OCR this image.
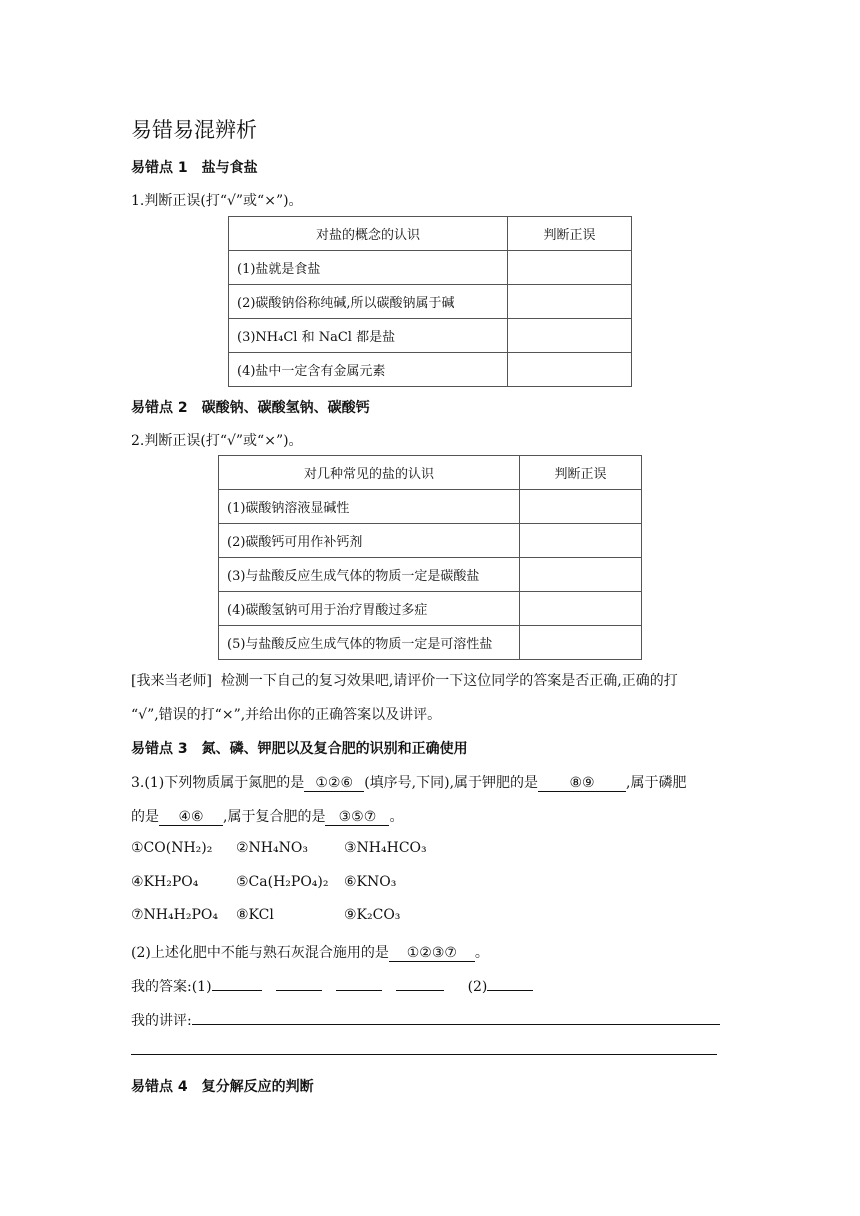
易错易混辨析
易错点 1　盐与食盐
1.判断正误(打“√”或“×”)。
对盐的概念的认识	判断正误
(1)盐就是食盐	
(2)碳酸钠俗称纯碱,所以碳酸钠属于碱	
(3)NH₄Cl 和 NaCl 都是盐	
(4)盐中一定含有金属元素	
易错点 2　碳酸钠、碳酸氢钠、碳酸钙
2.判断正误(打“√”或“×”)。
对几种常见的盐的认识	判断正误
(1)碳酸钠溶液显碱性	
(2)碳酸钙可用作补钙剂	
(3)与盐酸反应生成气体的物质一定是碳酸盐	
(4)碳酸氢钠可用于治疗胃酸过多症	
(5)与盐酸反应生成气体的物质一定是可溶性盐	
[我来当老师]  检测一下自己的复习效果吧,请评价一下这位同学的答案是否正确,正确的打
“√”,错误的打“×”,并给出你的正确答案以及讲评。
易错点 3　氮、磷、钾肥以及复合肥的识别和正确使用
3.(1)下列物质属于氮肥的是 ①②⑥ (填序号,下同),属于钾肥的是 ⑧⑨ ,属于磷肥
的是 ④⑥ ,属于复合肥的是 ③⑤⑦ 。
①CO(NH₂)₂ ②NH₄NO₃	③NH₄HCO₃
④KH₂PO₄	⑤Ca(H₂PO₄)₂ ⑥KNO₃
⑦NH₄H₂PO₄ ⑧KCl	⑨K₂CO₃
(2)上述化肥中不能与熟石灰混合施用的是 ①②③⑦ 。
我的答案:(1)	(2)
我的讲评:
易错点 4　复分解反应的判断
